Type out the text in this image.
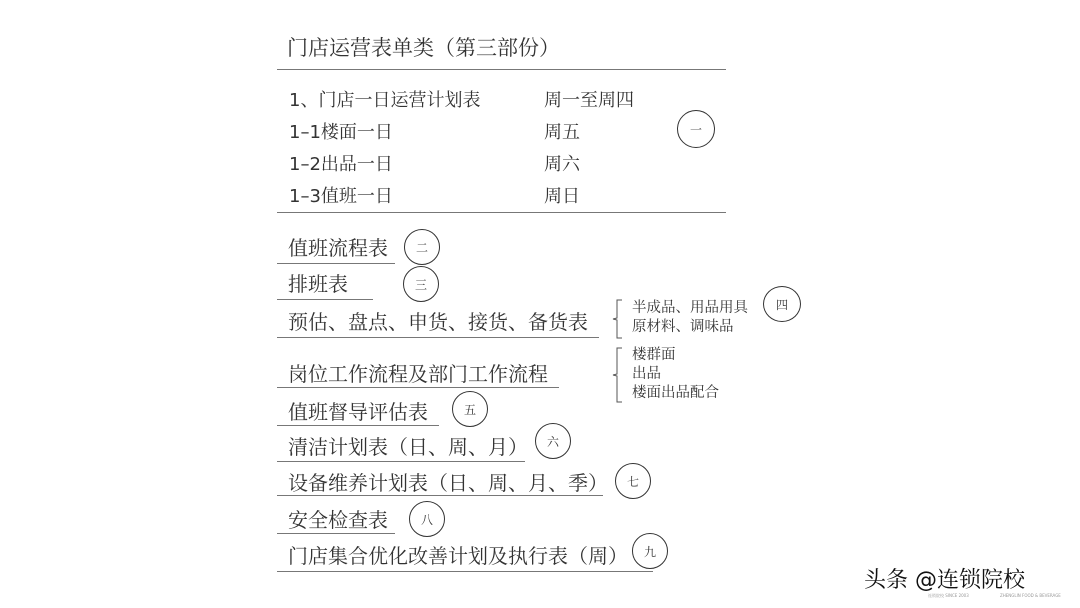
门店运营表单类（第三部份）
1、门店一日运营计划表	周一至周四
1–1楼面一日	周五
1–2出品一日	周六
1–3值班一日	周日
一
值班流程表	二
排班表	三
预估、盘点、申货、接货、备货表
半成品、用品用具
原材料、调味品
四
楼群面
出品
楼面出品配合
岗位工作流程及部门工作流程
值班督导评估表	五
清洁计划表（日、周、月）	六
设备维养计划表（日、周、月、季）	七
安全检查表	八
门店集合优化改善计划及执行表（周）	九
头条 @连锁院校
连锁院校 SINCE 2003	ZHENGLIN FOOD & BEVERAGE
